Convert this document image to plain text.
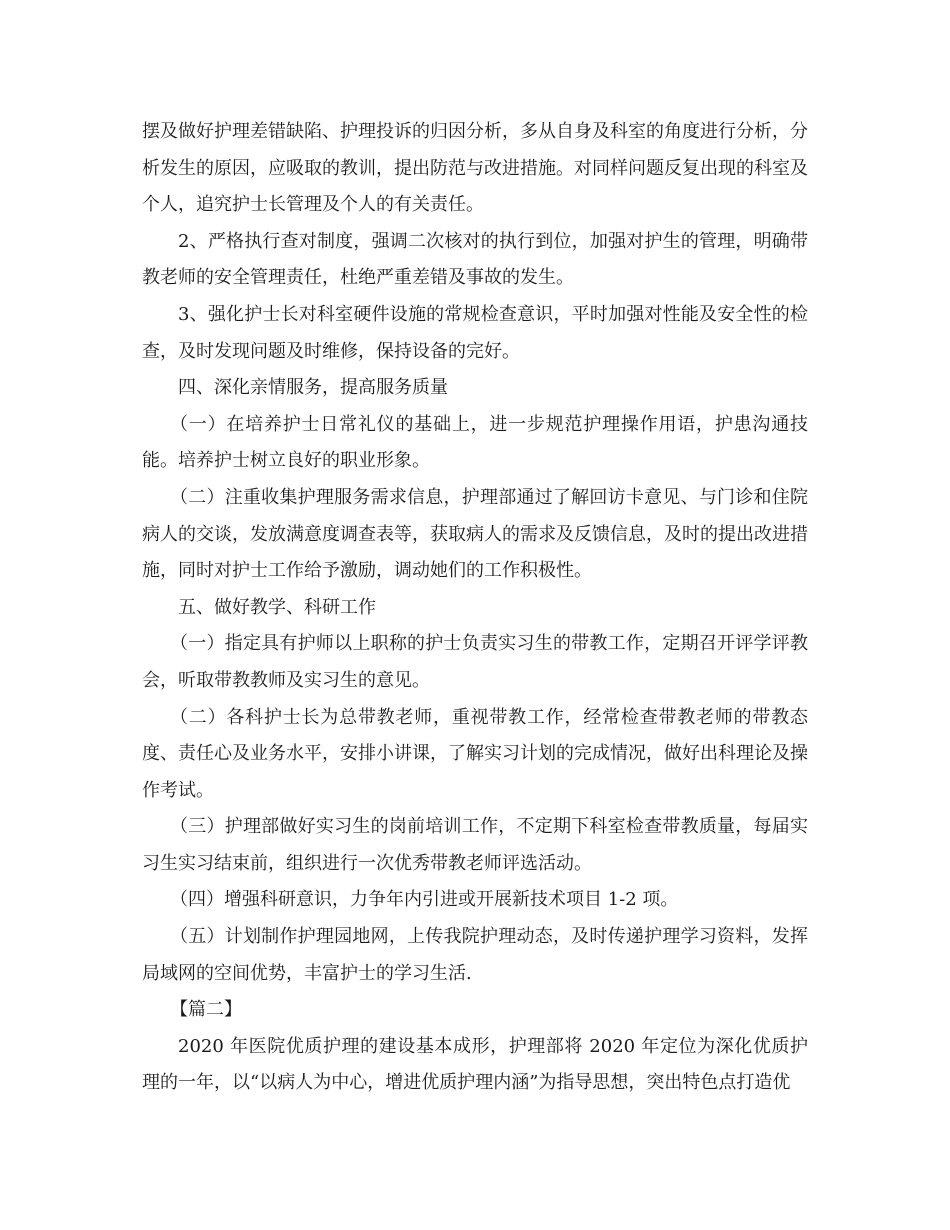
摆及做好护理差错缺陷、护理投诉的归因分析，多从自身及科室的角度进行分析，分析发生的原因，应吸取的教训，提出防范与改进措施。对同样问题反复出现的科室及个人，追究护士长管理及个人的有关责任。

2、严格执行查对制度，强调二次核对的执行到位，加强对护生的管理，明确带教老师的安全管理责任，杜绝严重差错及事故的发生。

3、强化护士长对科室硬件设施的常规检查意识，平时加强对性能及安全性的检查，及时发现问题及时维修，保持设备的完好。

四、深化亲情服务，提高服务质量

（一）在培养护士日常礼仪的基础上，进一步规范护理操作用语，护患沟通技能。培养护士树立良好的职业形象。

（二）注重收集护理服务需求信息，护理部通过了解回访卡意见、与门诊和住院病人的交谈，发放满意度调查表等，获取病人的需求及反馈信息，及时的提出改进措施，同时对护士工作给予激励，调动她们的工作积极性。

五、做好教学、科研工作

（一）指定具有护师以上职称的护士负责实习生的带教工作，定期召开评学评教会，听取带教教师及实习生的意见。

（二）各科护士长为总带教老师，重视带教工作，经常检查带教老师的带教态度、责任心及业务水平，安排小讲课，了解实习计划的完成情况，做好出科理论及操作考试。

（三）护理部做好实习生的岗前培训工作，不定期下科室检查带教质量，每届实习生实习结束前，组织进行一次优秀带教老师评选活动。

（四）增强科研意识，力争年内引进或开展新技术项目 1-2 项。

（五）计划制作护理园地网，上传我院护理动态，及时传递护理学习资料，发挥局域网的空间优势，丰富护士的学习生活.

【篇二】

2020 年医院优质护理的建设基本成形，护理部将 2020 年定位为深化优质护理的一年，以“以病人为中心，增进优质护理内涵”为指导思想，突出特色点打造优
